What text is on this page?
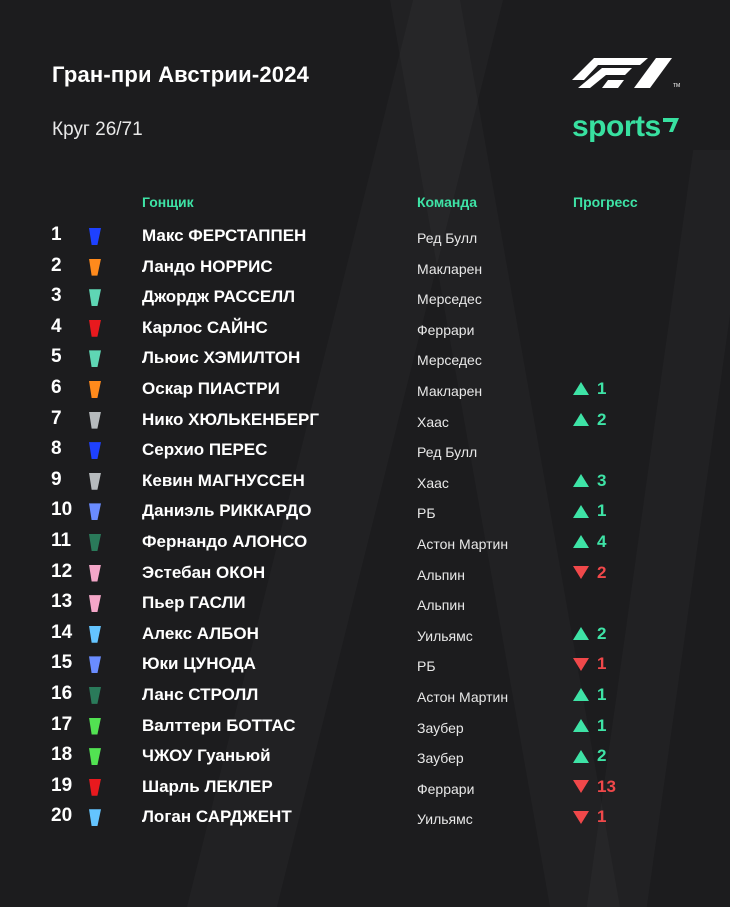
Гран-при Австрии-2024
Круг 26/71
TM
sports
Гонщик	Команда	Прогресс
1	Макс ФЕРСТАППЕН	Ред Булл
2	Ландо НОРРИС	Макларен
3	Джордж РАССЕЛЛ	Мерседес
4	Карлос САЙНС	Феррари
5	Льюис ХЭМИЛТОН	Мерседес
6	Оскар ПИАСТРИ	Макларен	1
7	Нико ХЮЛЬКЕНБЕРГ	Хаас	2
8	Серхио ПЕРЕС	Ред Булл
9	Кевин МАГНУССЕН	Хаас	3
10	Даниэль РИККАРДО	РБ	1
11	Фернандо АЛОНСО	Астон Мартин	4
12	Эстебан ОКОН	Альпин	2
13	Пьер ГАСЛИ	Альпин
14	Алекс АЛБОН	Уильямс	2
15	Юки ЦУНОДА	РБ	1
16	Ланс СТРОЛЛ	Астон Мартин	1
17	Валттери БОТТАС	Заубер	1
18	ЧЖОУ Гуаньюй	Заубер	2
19	Шарль ЛЕКЛЕР	Феррари	13
20	Логан САРДЖЕНТ	Уильямс	1
